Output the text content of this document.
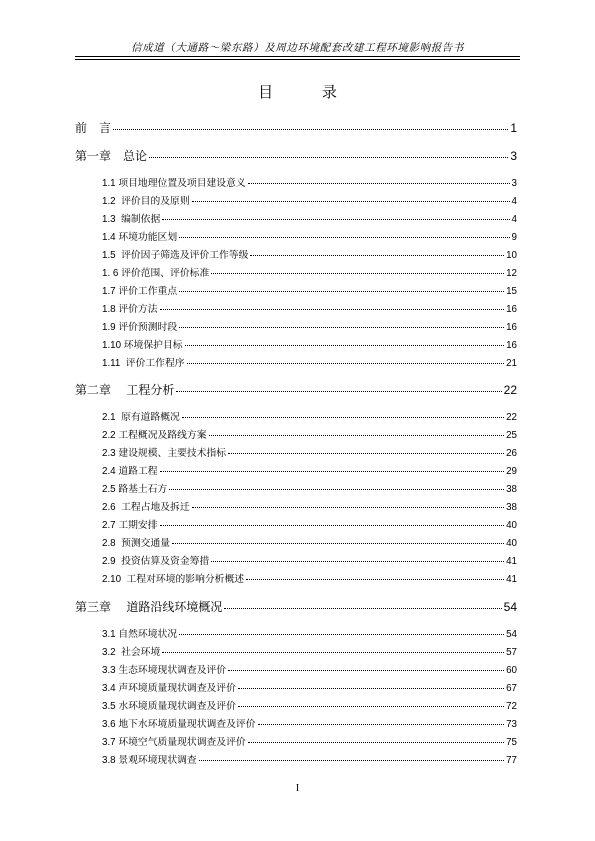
信成道（大通路～梁东路）及周边环境配套改建工程环境影响报告书
目 录
前　言	1
第一章　总论	3
1.1 项目地理位置及项目建设意义	3
1.2  评价目的及原则	4
1.3  编制依据	4
1.4 环境功能区划	9
1.5  评价因子筛选及评价工作等级	10
1. 6 评价范围、评价标准	12
1.7 评价工作重点	15
1.8 评价方法	16
1.9 评价预测时段	16
1.10 环境保护目标	16
1.11  评价工作程序	21
第二章　 工程分析	22
2.1  原有道路概况	22
2.2 工程概况及路线方案	25
2.3 建设规模、主要技术指标	26
2.4 道路工程	29
2.5 路基土石方	38
2.6  工程占地及拆迁	38
2.7 工期安排	40
2.8  预测交通量	40
2.9  投资估算及资金筹措	41
2.10  工程对环境的影响分析概述	41
第三章　 道路沿线环境概况	54
3.1 自然环境状况	54
3.2  社会环境	57
3.3 生态环境现状调查及评价	60
3.4 声环境质量现状调查及评价	67
3.5 水环境质量现状调查及评价	72
3.6 地下水环境质量现状调查及评价	73
3.7 环境空气质量现状调查及评价	75
3.8 景观环境现状调查	77
I
